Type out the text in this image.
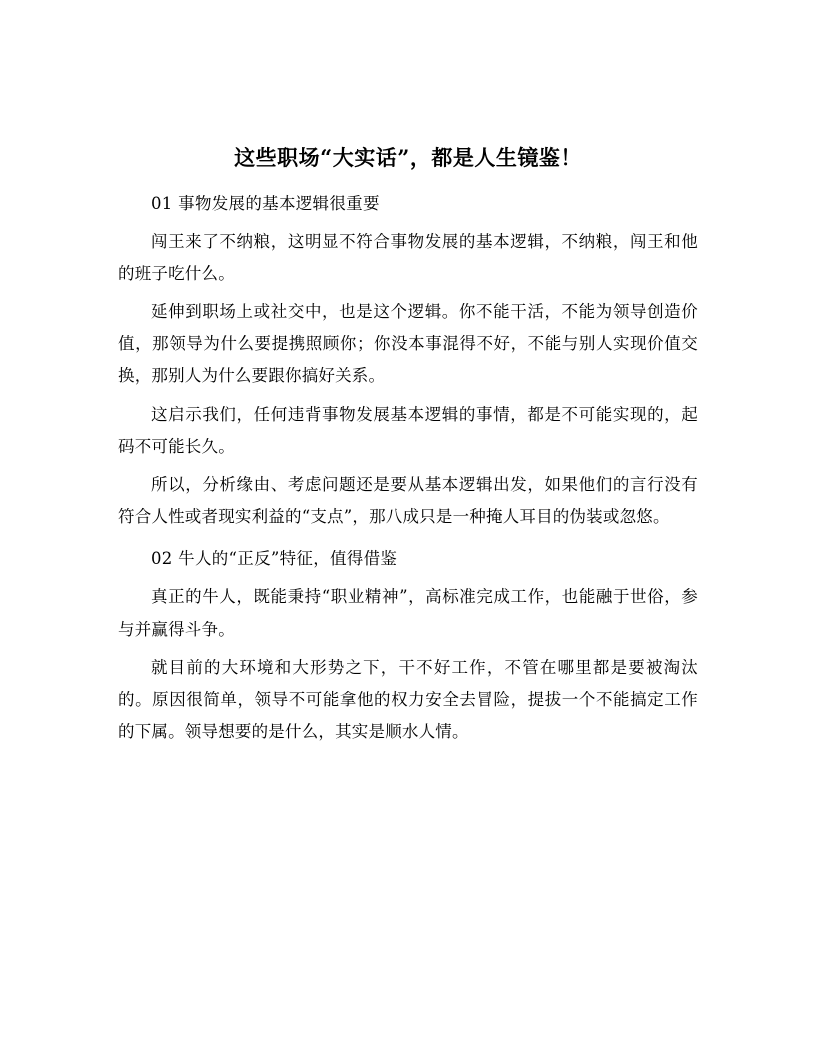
这些职场“大实话”，都是人生镜鉴！

01 事物发展的基本逻辑很重要

闯王来了不纳粮，这明显不符合事物发展的基本逻辑，不纳粮，闯王和他的班子吃什么。

延伸到职场上或社交中，也是这个逻辑。你不能干活，不能为领导创造价值，那领导为什么要提携照顾你；你没本事混得不好，不能与别人实现价值交换，那别人为什么要跟你搞好关系。

这启示我们，任何违背事物发展基本逻辑的事情，都是不可能实现的，起码不可能长久。

所以，分析缘由、考虑问题还是要从基本逻辑出发，如果他们的言行没有符合人性或者现实利益的“支点”，那八成只是一种掩人耳目的伪装或忽悠。

02 牛人的“正反”特征，值得借鉴

真正的牛人，既能秉持“职业精神”，高标准完成工作，也能融于世俗，参与并赢得斗争。

就目前的大环境和大形势之下，干不好工作，不管在哪里都是要被淘汰的。原因很简单，领导不可能拿他的权力安全去冒险，提拔一个不能搞定工作的下属。领导想要的是什么，其实是顺水人情。
